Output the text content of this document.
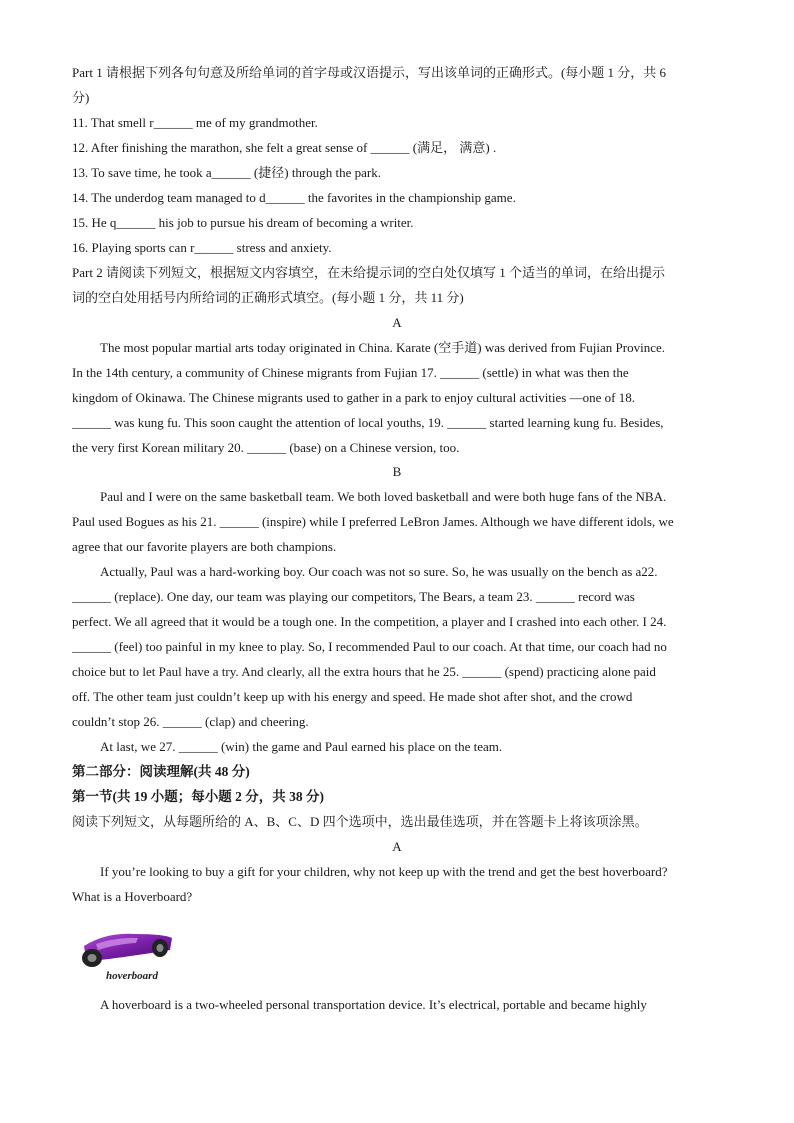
Part 1 请根据下列各句句意及所给单词的首字母或汉语提示，写出该单词的正确形式。(每小题 1 分，共 6
分)
11. That smell r______ me of my grandmother.
12. After finishing the marathon, she felt a great sense of ______ (满足， 满意) .
13. To save time, he took a______ (捷径) through the park.
14. The underdog team managed to d______ the favorites in the championship game.
15. He q______ his job to pursue his dream of becoming a writer.
16. Playing sports can r______ stress and anxiety.
Part 2 请阅读下列短文，根据短文内容填空，在未给提示词的空白处仅填写 1 个适当的单词，在给出提示
词的空白处用括号内所给词的正确形式填空。(每小题 1 分，共 11 分)
A
The most popular martial arts today originated in China. Karate (空手道) was derived from Fujian Province.
In the 14th century, a community of Chinese migrants from Fujian 17. ______ (settle) in what was then the
kingdom of Okinawa. The Chinese migrants used to gather in a park to enjoy cultural activities —one of 18.
______ was kung fu. This soon caught the attention of local youths, 19. ______ started learning kung fu. Besides,
the very first Korean military 20. ______ (base) on a Chinese version, too.
B
Paul and I were on the same basketball team. We both loved basketball and were both huge fans of the NBA.
Paul used Bogues as his 21. ______ (inspire) while I preferred LeBron James. Although we have different idols, we
agree that our favorite players are both champions.
Actually, Paul was a hard-working boy. Our coach was not so sure. So, he was usually on the bench as a22.
______ (replace). One day, our team was playing our competitors, The Bears, a team 23. ______ record was
perfect. We all agreed that it would be a tough one. In the competition, a player and I crashed into each other. I 24.
______ (feel) too painful in my knee to play. So, I recommended Paul to our coach. At that time, our coach had no
choice but to let Paul have a try. And clearly, all the extra hours that he 25. ______ (spend) practicing alone paid
off. The other team just couldn’t keep up with his energy and speed. He made shot after shot, and the crowd
couldn’t stop 26. ______ (clap) and cheering.
At last, we 27. ______ (win) the game and Paul earned his place on the team.
第二部分：阅读理解(共 48 分)
第一节(共 19 小题；每小题 2 分，共 38 分)
阅读下列短文，从每题所给的 A、B、C、D 四个选项中，选出最佳选项，并在答题卡上将该项涂黑。
A
If you’re looking to buy a gift for your children, why not keep up with the trend and get the best hoverboard?
What is a Hoverboard?
hoverboard
A hoverboard is a two-wheeled personal transportation device. It’s electrical, portable and became highly
